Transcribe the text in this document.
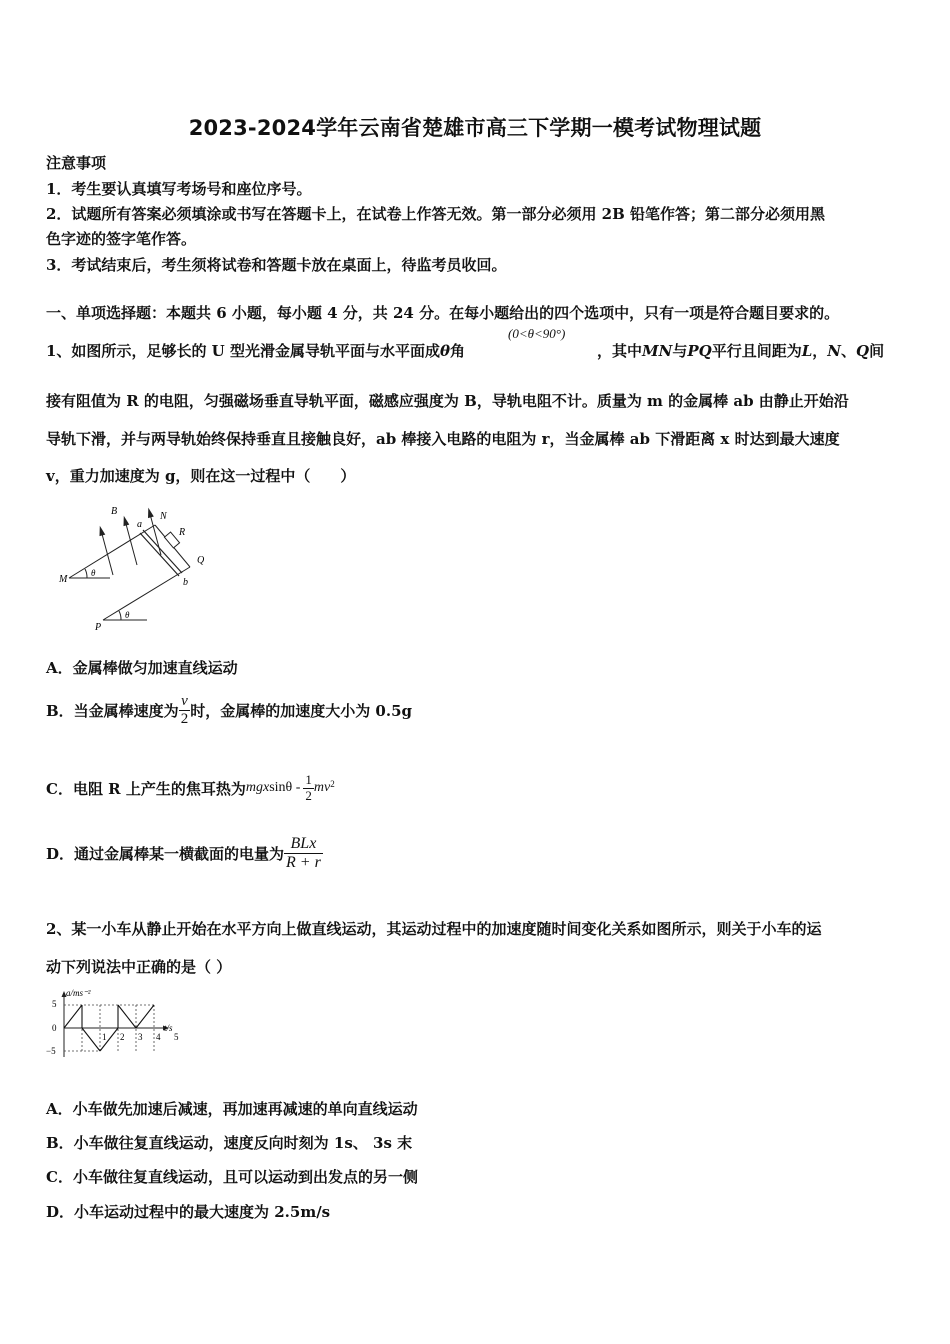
2023-2024学年云南省楚雄市高三下学期一模考试物理试题
注意事项
1．考生要认真填写考场号和座位序号。
2．试题所有答案必须填涂或书写在答题卡上，在试卷上作答无效。第一部分必须用 2B 铅笔作答；第二部分必须用黑
色字迹的签字笔作答。
3．考试结束后，考生须将试卷和答题卡放在桌面上，待监考员收回。
一、单项选择题：本题共 6 小题，每小题 4 分，共 24 分。在每小题给出的四个选项中，只有一项是符合题目要求的。
1、如图所示，足够长的 U 型光滑金属导轨平面与水平面成θ角
(0<θ<90°)
，其中MN与PQ平行且间距为L，N、Q间
接有阻值为 R 的电阻，匀强磁场垂直导轨平面，磁感应强度为 B，导轨电阻不计。质量为 m 的金属棒 ab 由静止开始沿
导轨下滑，并与两导轨始终保持垂直且接触良好，ab 棒接入电路的电阻为 r，当金属棒 ab 下滑距离 x 时达到最大速度
v，重力加速度为 g，则在这一过程中（　　）
B
a
N
R
Q
b
M
P
θ
θ
A．金属棒做匀加速直线运动
B．当金属棒速度为 $\frac{v}{2}$ 时，金属棒的加速度大小为 0.5g
C．电阻 R 上产生的焦耳热为 mgx sinθ - $\frac{1}{2} mv^2$
D．通过金属棒某一横截面的电量为 $\frac{\text{BLx}}{R + r}$
2、某一小车从静止开始在水平方向上做直线运动，其运动过程中的加速度随时间变化关系如图所示，则关于小车的运
动下列说法中正确的是（ ）
a/ms⁻²
t/s
5
0
−5
1 2 3 4 5
A．小车做先加速后减速，再加速再减速的单向直线运动
B．小车做往复直线运动，速度反向时刻为 1s、 3s 末
C．小车做往复直线运动，且可以运动到出发点的另一侧
D．小车运动过程中的最大速度为 2.5m/s
